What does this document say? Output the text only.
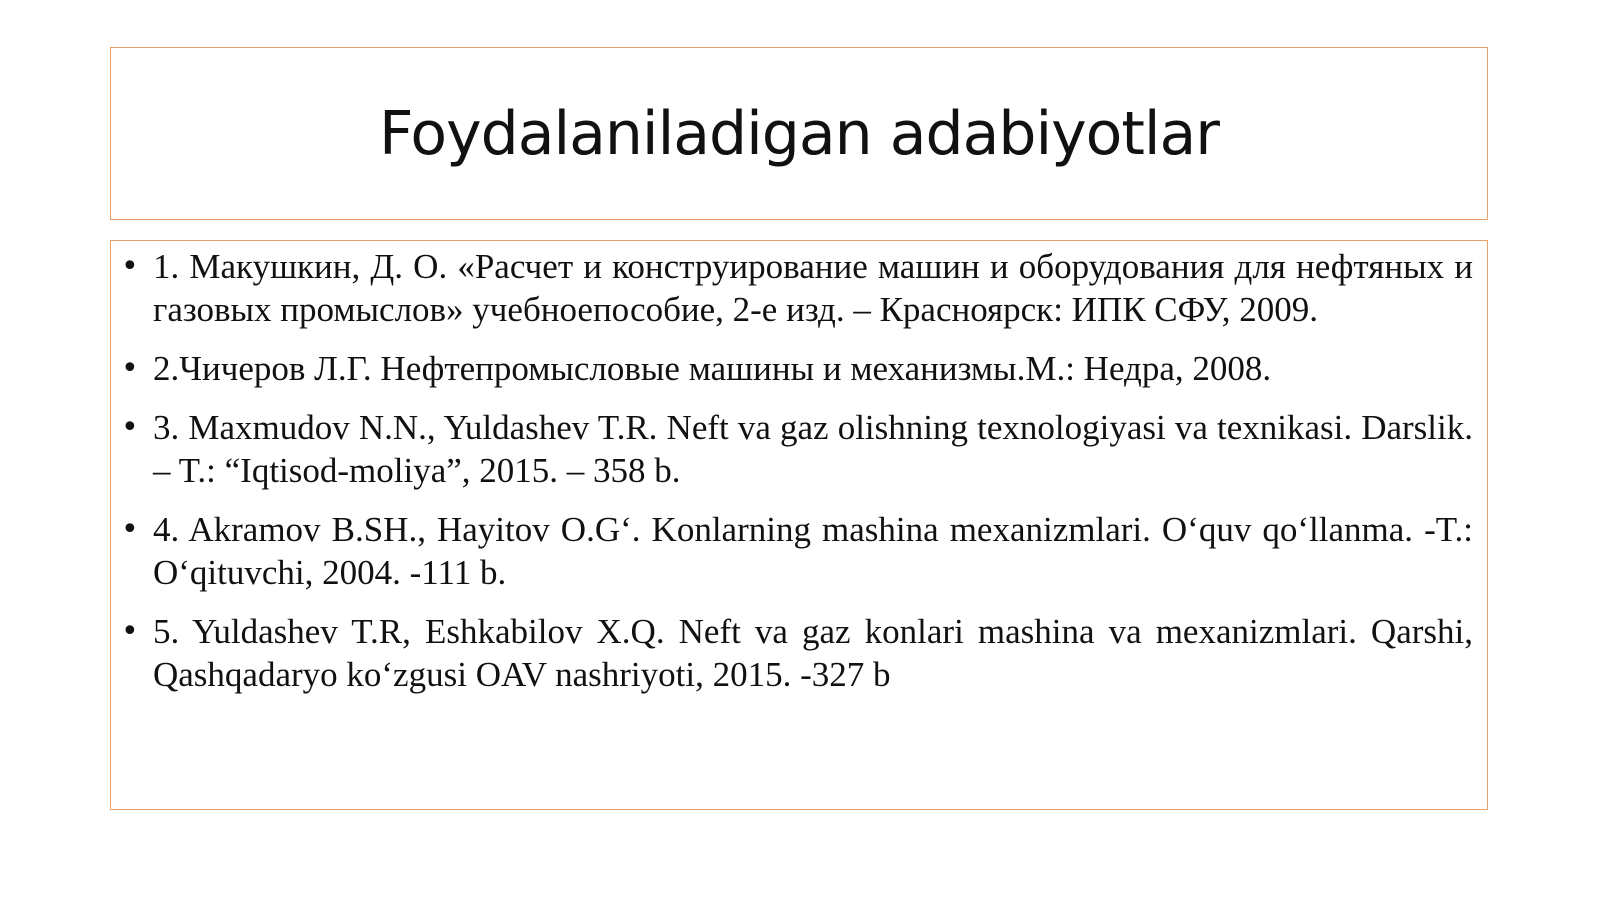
Foydalaniladigan adabiyotlar
• 1. Макушкин, Д. О. «Расчет и конструирование машин и оборудования для нефтяных и газовых промыслов» учебноепособие, 2-е изд. – Красноярск: ИПК СФУ, 2009.
• 2.Чичеров Л.Г. Нефтепромысловые машины и механизмы.М.: Недра, 2008.
• 3. Maxmudov N.N., Yuldashev T.R. Neft va gaz olishning texnologiyasi va texnikasi. Darslik. – T.: “Iqtisod-moliya”, 2015. – 358 b.
• 4. Akramov B.SH., Hayitov O.G‘. Konlarning mashina mexanizmlari. O‘quv qo‘llanma. -T.: O‘qituvchi, 2004. -111 b.
• 5. Yuldashev T.R, Eshkabilov X.Q. Neft va gaz konlari mashina va mexanizmlari. Qarshi, Qashqadaryo ko‘zgusi OAV nashriyoti, 2015. -327 b
